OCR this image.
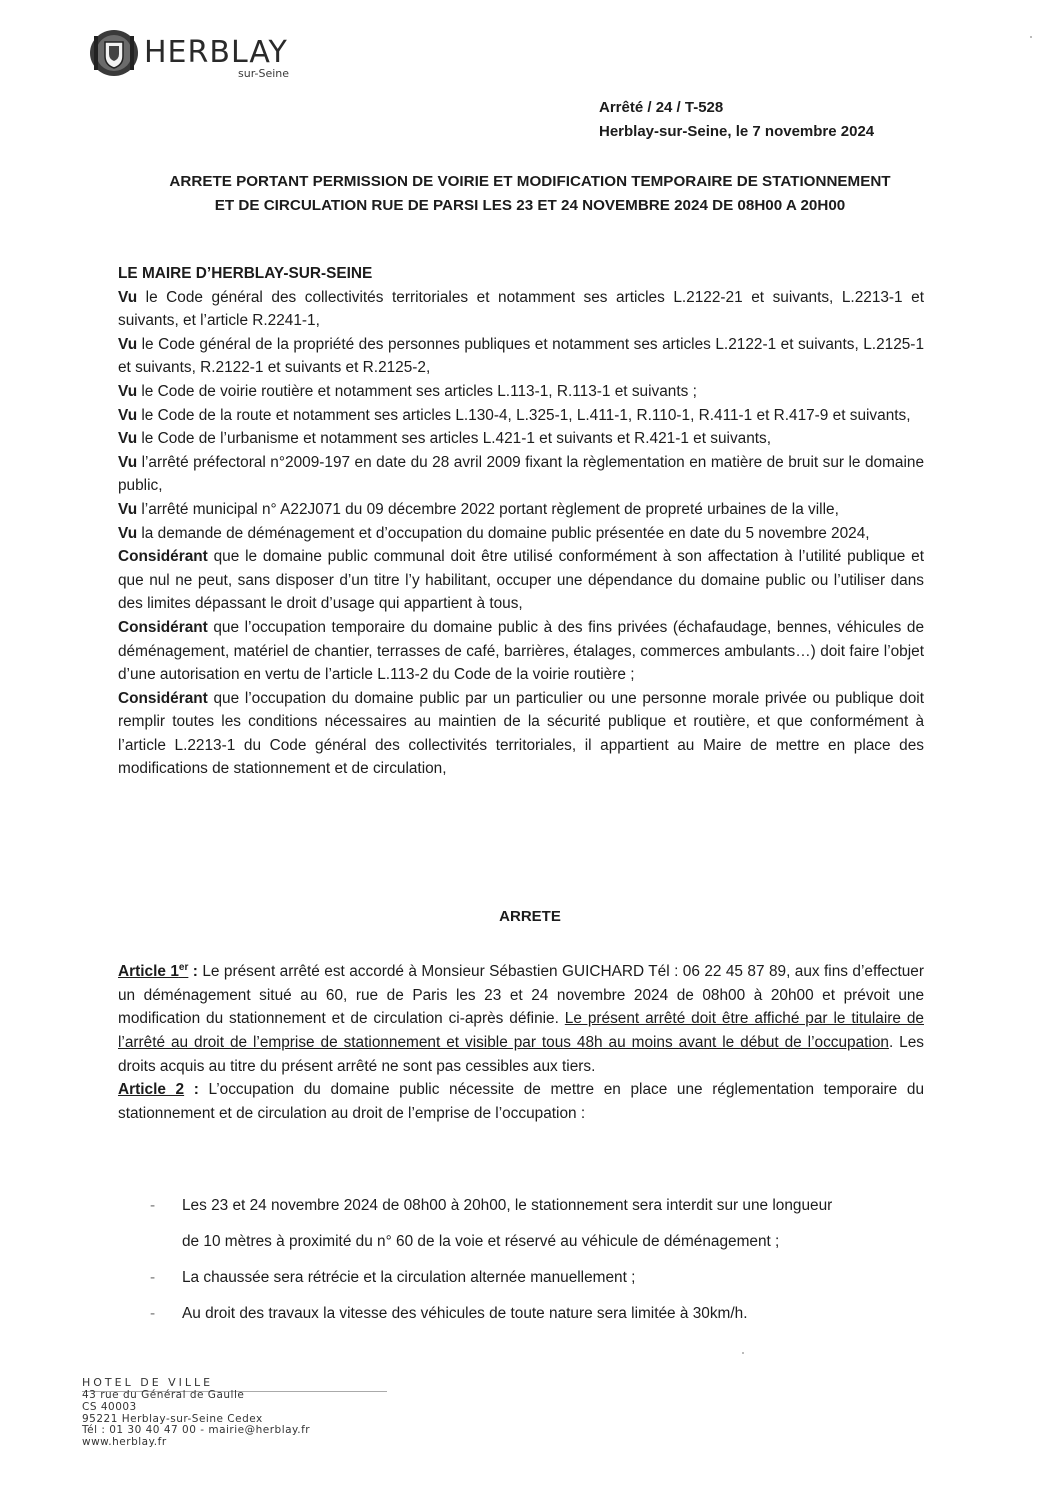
HERBLAY
sur-Seine
Arrêté / 24 / T-528
Herblay-sur-Seine, le 7 novembre 2024
ARRETE PORTANT PERMISSION DE VOIRIE ET MODIFICATION TEMPORAIRE DE STATIONNEMENT
ET DE CIRCULATION RUE DE PARSI LES 23 ET 24 NOVEMBRE 2024 DE 08H00 A 20H00

LE MAIRE D’HERBLAY-SUR-SEINE

Vu le Code général des collectivités territoriales et notamment ses articles L.2122-21 et suivants, L.2213-1 et suivants, et l’article R.2241-1,

Vu le Code général de la propriété des personnes publiques et notamment ses articles L.2122-1 et suivants, L.2125-1 et suivants, R.2122-1 et suivants et R.2125-2,

Vu le Code de voirie routière et notamment ses articles L.113-1, R.113-1 et suivants ;

Vu le Code de la route et notamment ses articles L.130-4, L.325-1, L.411-1, R.110-1, R.411-1 et R.417-9 et suivants,

Vu le Code de l’urbanisme et notamment ses articles L.421-1 et suivants et R.421-1 et suivants,

Vu l’arrêté préfectoral n°2009-197 en date du 28 avril 2009 fixant la règlementation en matière de bruit sur le domaine public,

Vu l’arrêté municipal n° A22J071 du 09 décembre 2022 portant règlement de propreté urbaines de la ville,

Vu la demande de déménagement et d’occupation du domaine public présentée en date du 5 novembre 2024,

Considérant que le domaine public communal doit être utilisé conformément à son affectation à l’utilité publique et que nul ne peut, sans disposer d’un titre l’y habilitant, occuper une dépendance du domaine public ou l’utiliser dans des limites dépassant le droit d’usage qui appartient à tous,

Considérant que l’occupation temporaire du domaine public à des fins privées (échafaudage, bennes, véhicules de déménagement, matériel de chantier, terrasses de café, barrières, étalages, commerces ambulants…) doit faire l’objet d’une autorisation en vertu de l’article L.113-2 du Code de la voirie routière ;

Considérant que l’occupation du domaine public par un particulier ou une personne morale privée ou publique doit remplir toutes les conditions nécessaires au maintien de la sécurité publique et routière, et que conformément à l’article L.2213-1 du Code général des collectivités territoriales, il appartient au Maire de mettre en place des modifications de stationnement et de circulation,

ARRETE

Article 1er : Le présent arrêté est accordé à Monsieur Sébastien GUICHARD Tél : 06 22 45 87 89, aux fins d’effectuer un déménagement situé au 60, rue de Paris les 23 et 24 novembre 2024 de 08h00 à 20h00 et prévoit une modification du stationnement et de circulation ci-après définie. Le présent arrêté doit être affiché par le titulaire de l’arrêté au droit de l’emprise de stationnement et visible par tous 48h au moins avant le début de l’occupation. Les droits acquis au titre du présent arrêté ne sont pas cessibles aux tiers.

Article 2 : L’occupation du domaine public nécessite de mettre en place une réglementation temporaire du stationnement et de circulation au droit de l’emprise de l’occupation :

- Les 23 et 24 novembre 2024 de 08h00 à 20h00, le stationnement sera interdit sur une longueur
de 10 mètres à proximité du n° 60 de la voie et réservé au véhicule de déménagement ;
- La chaussée sera rétrécie et la circulation alternée manuellement ;
- Au droit des travaux la vitesse des véhicules de toute nature sera limitée à 30km/h.
HOTEL DE VILLE
43 rue du Général de Gaulle
CS 40003
95221 Herblay-sur-Seine Cedex
Tél : 01 30 40 47 00 - mairie@herblay.fr
www.herblay.fr
